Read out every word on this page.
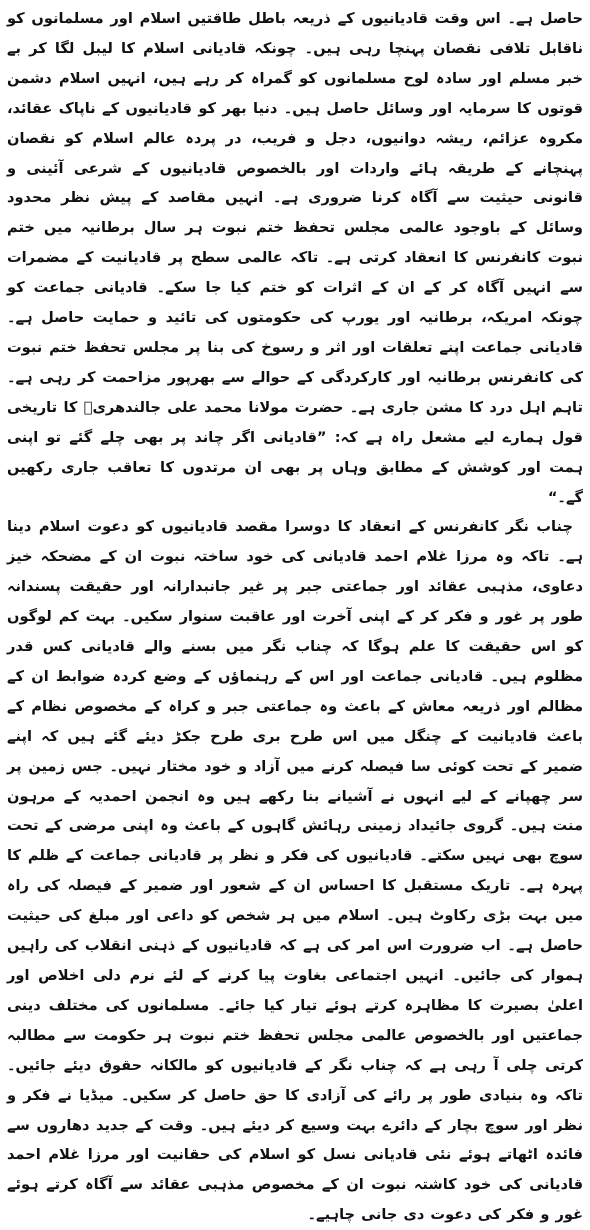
حاصل ہے۔ اس وقت قادیانیوں کے ذریعہ باطل طاقتیں اسلام اور مسلمانوں کو ناقابل تلافی نقصان پہنچا رہی ہیں۔ چونکہ قادیانی اسلام کا لیبل لگا کر بے خبر مسلم اور سادہ لوح مسلمانوں کو گمراہ کر رہے ہیں، انہیں اسلام دشمن قوتوں کا سرمایہ اور وسائل حاصل ہیں۔ دنیا بھر کو قادیانیوں کے ناپاک عقائد، مکروہ عزائم، ریشہ دوانیوں، دجل و فریب، در پردہ عالم اسلام کو نقصان پہنچانے کے طریقہ ہائے واردات اور بالخصوص قادیانیوں کے شرعی آئینی و قانونی حیثیت سے آگاہ کرنا ضروری ہے۔ انہیں مقاصد کے پیش نظر محدود وسائل کے باوجود عالمی مجلس تحفظ ختم نبوت ہر سال برطانیہ میں ختم نبوت کانفرنس کا انعقاد کرتی ہے۔ تاکہ عالمی سطح پر قادیانیت کے مضمرات سے انہیں آگاہ کر کے ان کے اثرات کو ختم کیا جا سکے۔ قادیانی جماعت کو چونکہ امریکہ، برطانیہ اور یورپ کی حکومتوں کی تائید و حمایت حاصل ہے۔ قادیانی جماعت اپنے تعلقات اور اثر و رسوخ کی بنا پر مجلس تحفظ ختم نبوت کی کانفرنس برطانیہ اور کارکردگی کے حوالے سے بھرپور مزاحمت کر رہی ہے۔ تاہم اہل درد کا مشن جاری ہے۔ حضرت مولانا محمد علی جالندھریؒ کا تاریخی قول ہمارے لیے مشعل راہ ہے کہ: ”قادیانی اگر چاند پر بھی چلے گئے تو اپنی ہمت اور کوشش کے مطابق وہاں پر بھی ان مرتدوں کا تعاقب جاری رکھیں گے۔“

چناب نگر کانفرنس کے انعقاد کا دوسرا مقصد قادیانیوں کو دعوت اسلام دینا ہے۔ تاکہ وہ مرزا غلام احمد قادیانی کی خود ساختہ نبوت ان کے مضحکہ خیز دعاوی، مذہبی عقائد اور جماعتی جبر پر غیر جانبدارانہ اور حقیقت پسندانہ طور پر غور و فکر کر کے اپنی آخرت اور عاقبت سنوار سکیں۔ بہت کم لوگوں کو اس حقیقت کا علم ہوگا کہ چناب نگر میں بسنے والے قادیانی کس قدر مظلوم ہیں۔ قادیانی جماعت اور اس کے رہنماؤں کے وضع کردہ ضوابط ان کے مظالم اور ذریعہ معاش کے باعث وہ جماعتی جبر و کراہ کے مخصوص نظام کے باعث قادیانیت کے چنگل میں اس طرح بری طرح جکڑ دیئے گئے ہیں کہ اپنے ضمیر کے تحت کوئی سا فیصلہ کرنے میں آزاد و خود مختار نہیں۔ جس زمین پر سر چھپانے کے لیے انہوں نے آشیانے بنا رکھے ہیں وہ انجمن احمدیہ کے مرہون منت ہیں۔ گروی جائیداد زمینی رہائش گاہوں کے باعث وہ اپنی مرضی کے تحت سوچ بھی نہیں سکتے۔ قادیانیوں کی فکر و نظر پر قادیانی جماعت کے ظلم کا پہرہ ہے۔ تاریک مستقبل کا احساس ان کے شعور اور ضمیر کے فیصلہ کی راہ میں بہت بڑی رکاوٹ ہیں۔ اسلام میں ہر شخص کو داعی اور مبلغ کی حیثیت حاصل ہے۔ اب ضرورت اس امر کی ہے کہ قادیانیوں کے ذہنی انقلاب کی راہیں ہموار کی جائیں۔ انہیں اجتماعی بغاوت پیا کرنے کے لئے نرم دلی اخلاص اور اعلیٰ بصیرت کا مظاہرہ کرتے ہوئے تیار کیا جائے۔ مسلمانوں کی مختلف دینی جماعتیں اور بالخصوص عالمی مجلس تحفظ ختم نبوت ہر حکومت سے مطالبہ کرتی چلی آ رہی ہے کہ چناب نگر کے قادیانیوں کو مالکانہ حقوق دیئے جائیں۔ تاکہ وہ بنیادی طور پر رائے کی آزادی کا حق حاصل کر سکیں۔ میڈیا نے فکر و نظر اور سوچ بچار کے دائرے بہت وسیع کر دیئے ہیں۔ وقت کے جدید دھاروں سے فائدہ اٹھاتے ہوئے نئی قادیانی نسل کو اسلام کی حقانیت اور مرزا غلام احمد قادیانی کی خود کاشتہ نبوت ان کے مخصوص مذہبی عقائد سے آگاہ کرتے ہوئے غور و فکر کی دعوت دی جانی چاہیے۔
